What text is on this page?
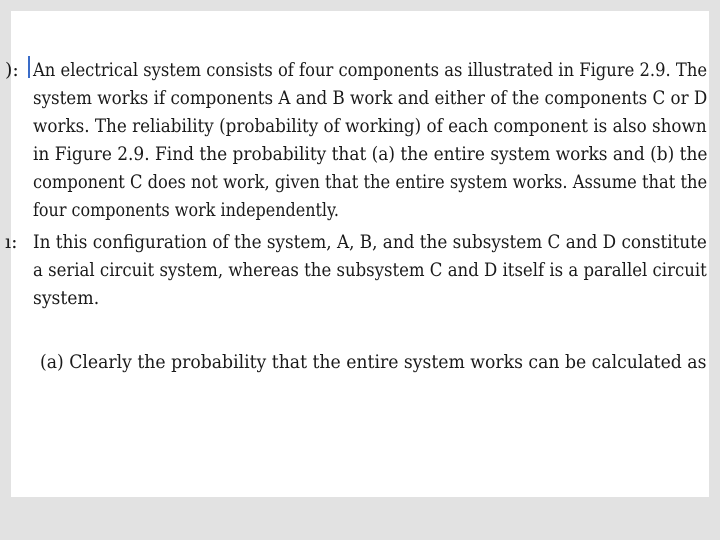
): An electrical system consists of four components as illustrated in Figure 2.9. The
system works if components A and B work and either of the components C or D
works. The reliability (probability of working) of each component is also shown
in Figure 2.9. Find the probability that (a) the entire system works and (b) the
component C does not work, given that the entire system works. Assume that the
four components work independently.
ı: In this configuration of the system, A, B, and the subsystem C and D constitute
a serial circuit system, whereas the subsystem C and D itself is a parallel circuit
system.
(a) Clearly the probability that the entire system works can be calculated as
